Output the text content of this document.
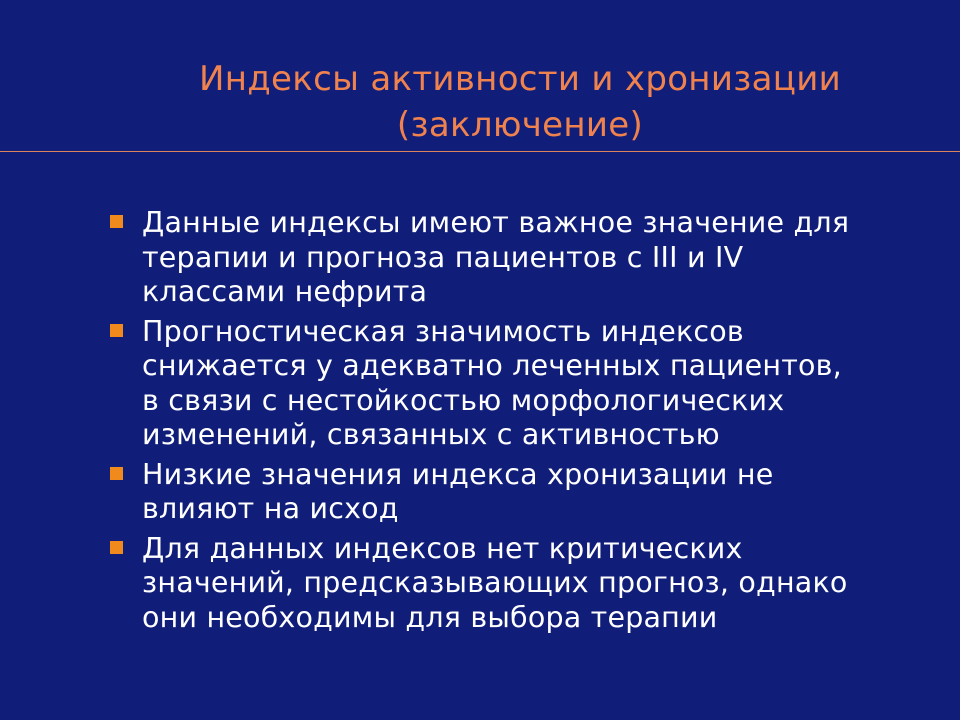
Индексы активности и хронизации
(заключение)
Данные индексы имеют важное значение для
терапии и прогноза пациентов с III и IV
классами нефрита
Прогностическая значимость индексов
снижается у адекватно леченных пациентов,
в связи с нестойкостью морфологических
изменений, связанных с активностью
Низкие значения индекса хронизации не
влияют на исход
Для данных индексов нет критических
значений, предсказывающих прогноз, однако
они необходимы для выбора терапии
